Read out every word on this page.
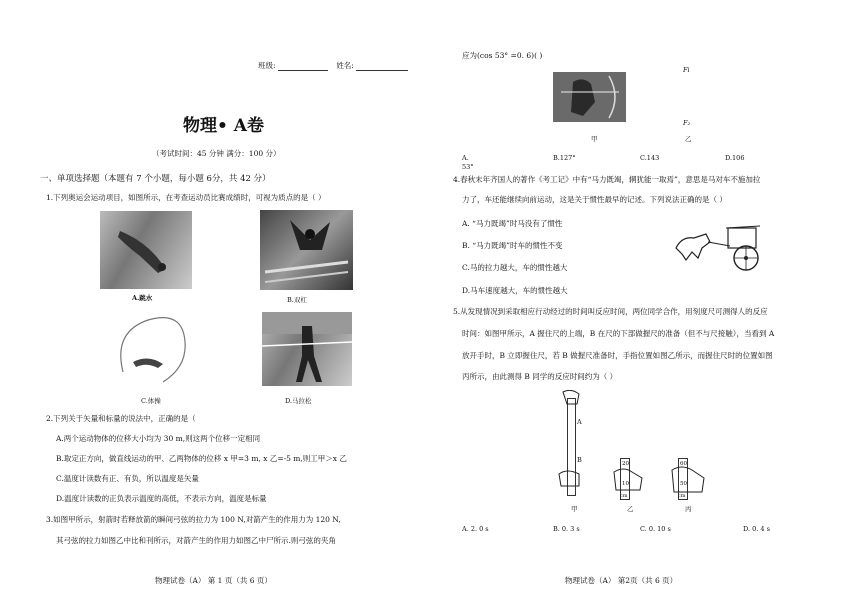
班级:	姓名:
物理• A卷
（考试时间：45 分钟 满分：100 分）
一、单项选择题（本题有 7 个小题，每小题 6分，共 42 分）
1.下列奥运会运动项目，如图所示，在考查运动员比赛成绩时，可视为质点的是（ ）
A.跳水	B.双杠
C.体操	D.马拉松
2.下列关于矢量和标量的说法中，正确的是（
A.两个运动物体的位移大小均为 30 m,则这两个位移一定相同
B.取定正方向，做直线运动的甲、乙两物体的位移 x 甲=3 m, x 乙=-5 m,则工甲＞x 乙
C.温度计读数有正、有负，所以温度是矢量
D.温度计读数的正负表示温度的高低，不表示方向，温度是标量
3.如图甲所示，射箭时若释放箭的瞬间弓弦的拉力为 100 N,对箭产生的作用力为 120 N,
其弓弦的拉力如图乙中比和刊所示，对箭产生的作用力如图乙中尸所示.则弓弦的夹角
物理试卷（A） 第 1 页（共 6 页）
应为(cos 53° =0. 6)( )
Fi
F₂
甲	乙
A.
53°
B.127°	C.143	D.106
4.春秋末年齐国人的著作《考工记》中有“马力既竭，辋犹能一取焉”，意思是马对车不施加拉
力了，车还能继续向前运动，这是关于惯性最早的记述。下列说法正确的是（ ）
A. “马力既竭”时马没有了惯性
B. “马力既竭”时车的惯性不变
C.马的拉力越大，车的惯性越大
D.马车速度越大，车的惯性越大
5.从发现情况到采取相应行动经过的时间叫反应时间，两位同学合作，用刻度尺可测得人的反应
时间：如图甲所示，A 握住尺的上端，B 在尺的下部做握尺的准备（但不与尺接触），当看到 A
放开手时，B 立即握住尺，若 B 做握尺准备时，手指位置如图乙所示，而握住尺时的位置如图
丙所示，由此测得 B 同学的反应时间约为（ ）
A
B
甲
20
10
cm
乙
60
50
cm
丙
A. 2. 0 s	B. 0. 3 s	C. 0. 10 s	D. 0. 4 s
物理试卷（A） 第2页（共 6 页）
